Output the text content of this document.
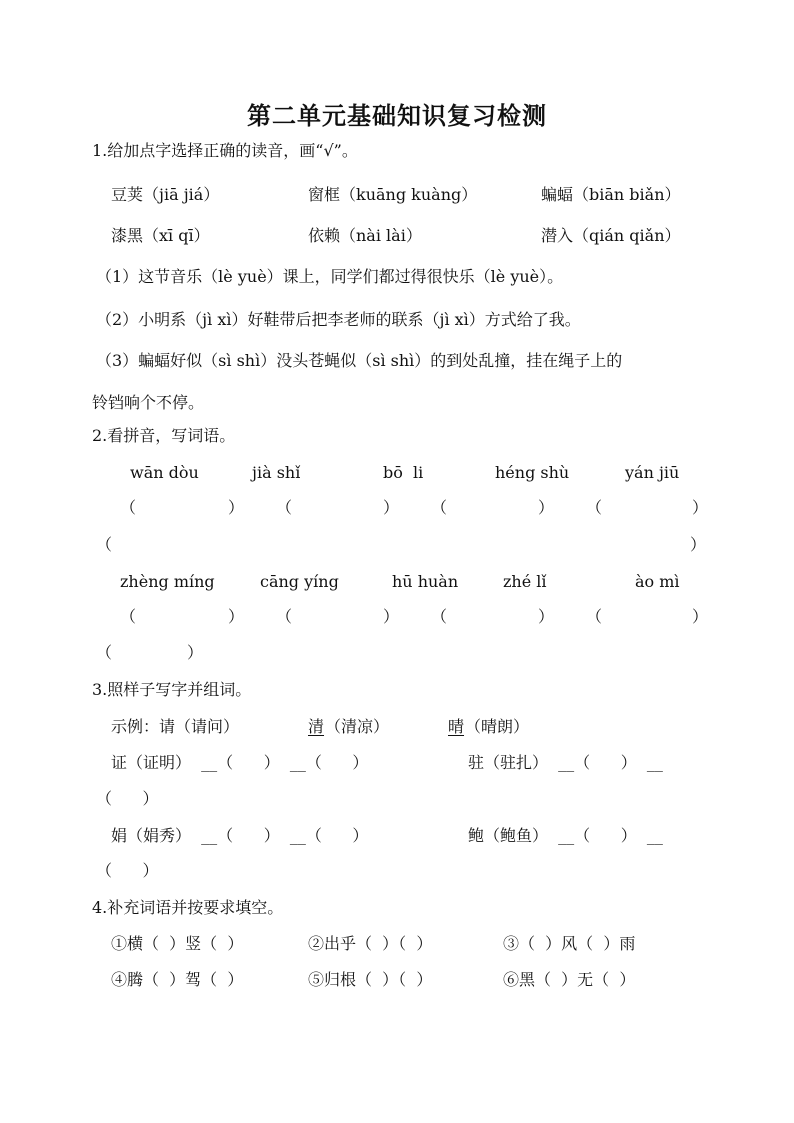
第二单元基础知识复习检测
1.给加点字选择正确的读音，画“√”。
豆荚（jiā jiá）	窗框（kuāng kuàng）	蝙蝠（biān biǎn）
漆黑（xī qī）	依赖（nài lài）	潜入（qián qiǎn）
（1）这节音乐（lè yuè）课上，同学们都过得很快乐（lè yuè）。
（2）小明系（jì xì）好鞋带后把李老师的联系（jì xì）方式给了我。
（3）蝙蝠好似（sì shì）没头苍蝇似（sì shì）的到处乱撞，挂在绳子上的
铃铛响个不停。
2.看拼音，写词语。
wān dòu	jià shǐ	bō  li	héng shù	yán jiū
（	） （	） （	） （	）
（	）
zhèng míng	cāng yíng	hū huàn	zhé lǐ	ào mì
（	） （	） （	） （	）
（	）
3.照样子写字并组词。
示例：请（请问）	清 （清凉）	晴 （晴朗）
证（证明）  __（      ）  __（      ）	驻（驻扎）  __（      ）  __
（      ）
娟（娟秀）  __（      ）  __（      ）	鲍（鲍鱼）  __（      ）  __
（      ）
4.补充词语并按要求填空。
①横（  ）竖（  ）	②出乎（  ）（  ）	③（  ）风（  ）雨
④腾（  ）驾（  ）	⑤归根（  ）（  ）	⑥黑（  ）无（  ）
